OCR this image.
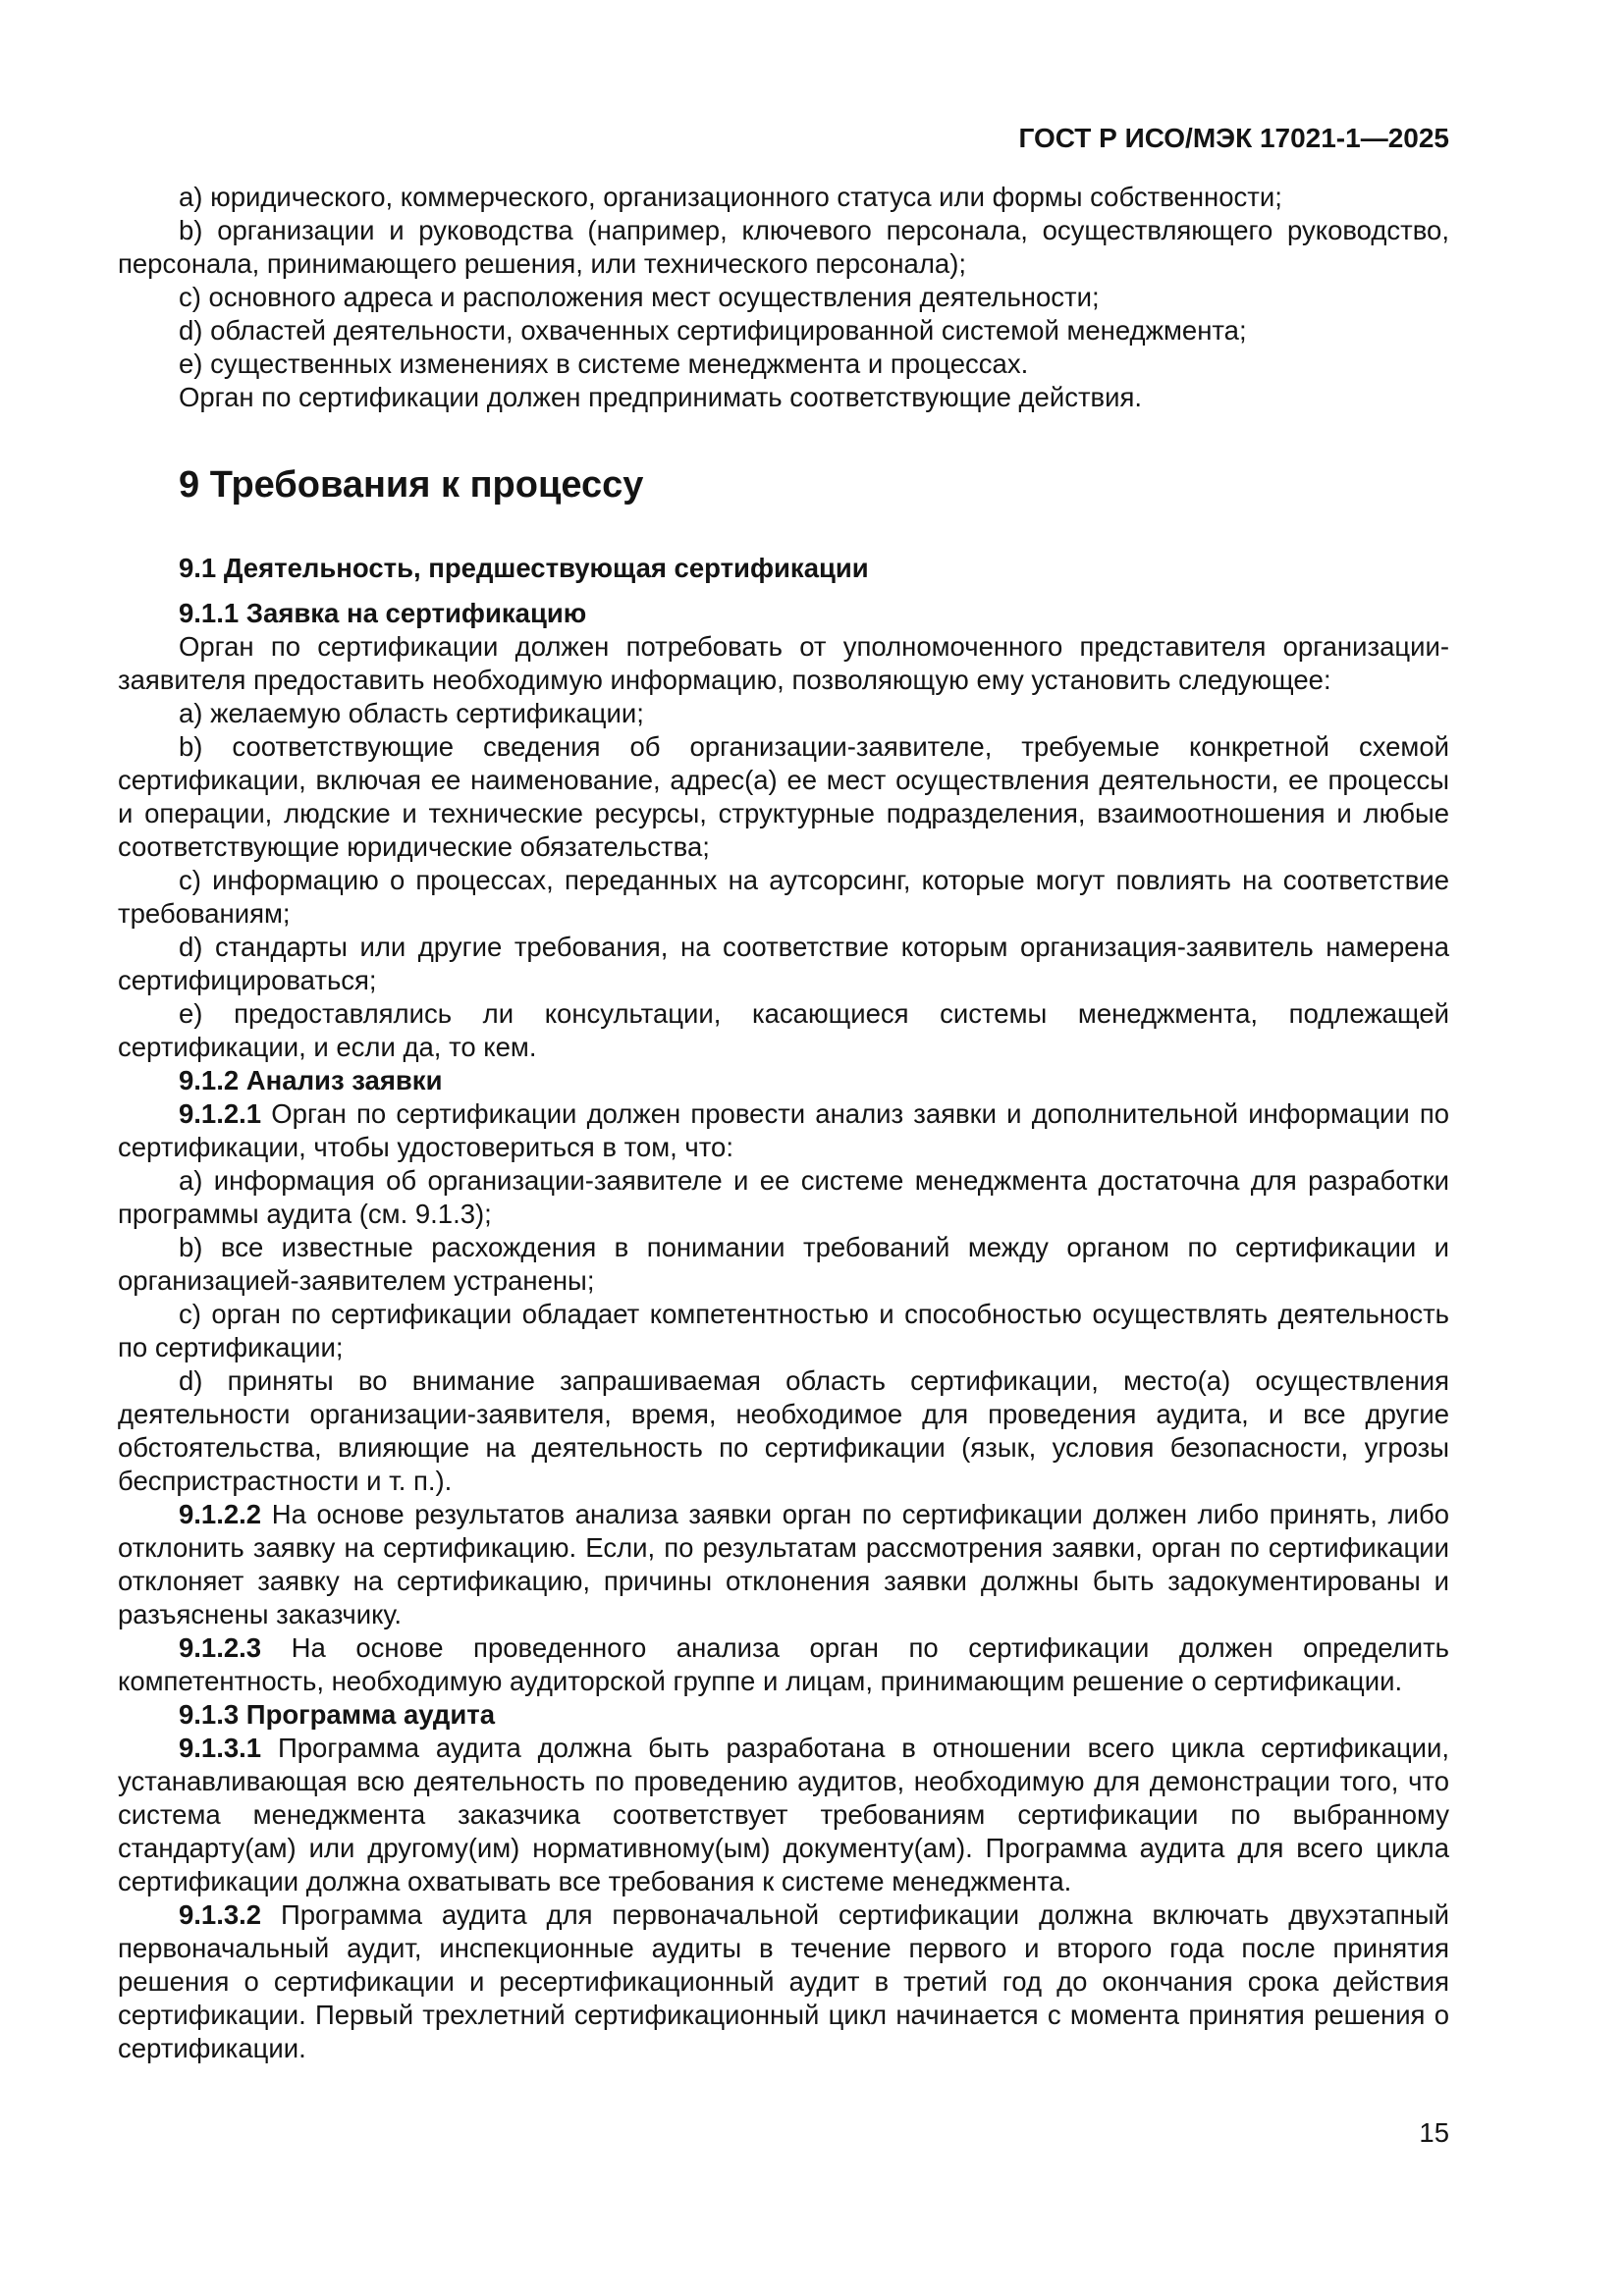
ГОСТ Р ИСО/МЭК 17021-1—2025

а) юридического, коммерческого, организационного статуса или формы собственности;

b) организации и руководства (например, ключевого персонала, осуществляющего руководство, персонала, принимающего решения, или технического персонала);

c) основного адреса и расположения мест осуществления деятельности;

d) областей деятельности, охваченных сертифицированной системой менеджмента;

е) существенных изменениях в системе менеджмента и процессах.

Орган по сертификации должен предпринимать соответствующие действия.

9 Требования к процессу

9.1 Деятельность, предшествующая сертификации

9.1.1 Заявка на сертификацию

Орган по сертификации должен потребовать от уполномоченного представителя организации-заявителя предоставить необходимую информацию, позволяющую ему установить следующее:

а) желаемую область сертификации;

b) соответствующие сведения об организации-заявителе, требуемые конкретной схемой сертификации, включая ее наименование, адрес(а) ее мест осуществления деятельности, ее процессы и операции, людские и технические ресурсы, структурные подразделения, взаимоотношения и любые соответствующие юридические обязательства;

c) информацию о процессах, переданных на аутсорсинг, которые могут повлиять на соответствие требованиям;

d) стандарты или другие требования, на соответствие которым организация-заявитель намерена сертифицироваться;

е) предоставлялись ли консультации, касающиеся системы менеджмента, подлежащей сертификации, и если да, то кем.

9.1.2 Анализ заявки

9.1.2.1 Орган по сертификации должен провести анализ заявки и дополнительной информации по сертификации, чтобы удостовериться в том, что:

а) информация об организации-заявителе и ее системе менеджмента достаточна для разработки программы аудита (см. 9.1.3);

b) все известные расхождения в понимании требований между органом по сертификации и организацией-заявителем устранены;

c) орган по сертификации обладает компетентностью и способностью осуществлять деятельность по сертификации;

d) приняты во внимание запрашиваемая область сертификации, место(а) осуществления деятельности организации-заявителя, время, необходимое для проведения аудита, и все другие обстоятельства, влияющие на деятельность по сертификации (язык, условия безопасности, угрозы беспристрастности и т. п.).

9.1.2.2 На основе результатов анализа заявки орган по сертификации должен либо принять, либо отклонить заявку на сертификацию. Если, по результатам рассмотрения заявки, орган по сертификации отклоняет заявку на сертификацию, причины отклонения заявки должны быть задокументированы и разъяснены заказчику.

9.1.2.3 На основе проведенного анализа орган по сертификации должен определить компетентность, необходимую аудиторской группе и лицам, принимающим решение о сертификации.

9.1.3 Программа аудита

9.1.3.1 Программа аудита должна быть разработана в отношении всего цикла сертификации, устанавливающая всю деятельность по проведению аудитов, необходимую для демонстрации того, что система менеджмента заказчика соответствует требованиям сертификации по выбранному стандарту(ам) или другому(им) нормативному(ым) документу(ам). Программа аудита для всего цикла сертификации должна охватывать все требования к системе менеджмента.

9.1.3.2 Программа аудита для первоначальной сертификации должна включать двухэтапный первоначальный аудит, инспекционные аудиты в течение первого и второго года после принятия решения о сертификации и ресертификационный аудит в третий год до окончания срока действия сертификации. Первый трехлетний сертификационный цикл начинается с момента принятия решения о сертификации.

15
